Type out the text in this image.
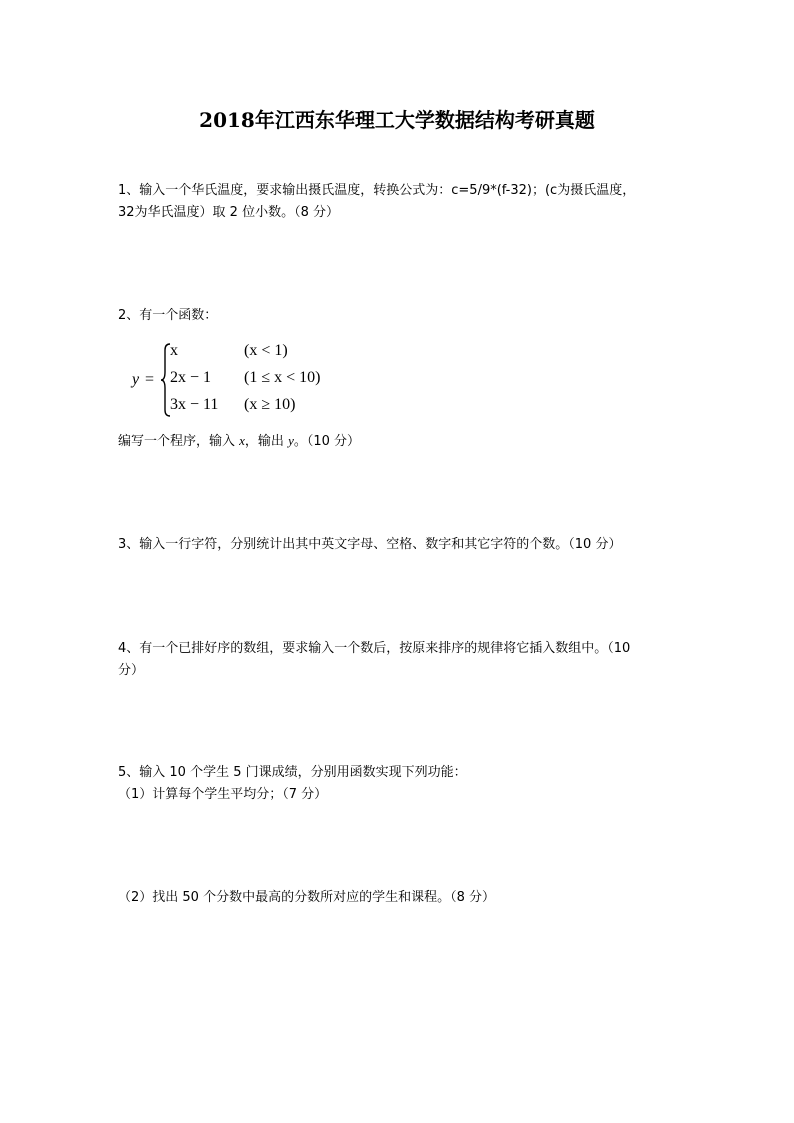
2018年江西东华理工大学数据结构考研真题
1、输入一个华氏温度，要求输出摄氏温度，转换公式为：c=5/9*(f-32)；(c为摄氏温度，
32为华氏温度）取 2 位小数。（8 分）
2、有一个函数：
y =
x	(x < 1)
2x − 1 (1 ≤ x < 10)
3x − 11 (x ≥ 10)
编写一个程序，输入 x，输出 y。（10 分）
3、输入一行字符，分别统计出其中英文字母、空格、数字和其它字符的个数。（10 分）
4、有一个已排好序的数组，要求输入一个数后，按原来排序的规律将它插入数组中。（10
分）
5、输入 10 个学生 5 门课成绩，分别用函数实现下列功能：
（1）计算每个学生平均分；（7 分）
（2）找出 50 个分数中最高的分数所对应的学生和课程。（8 分）
